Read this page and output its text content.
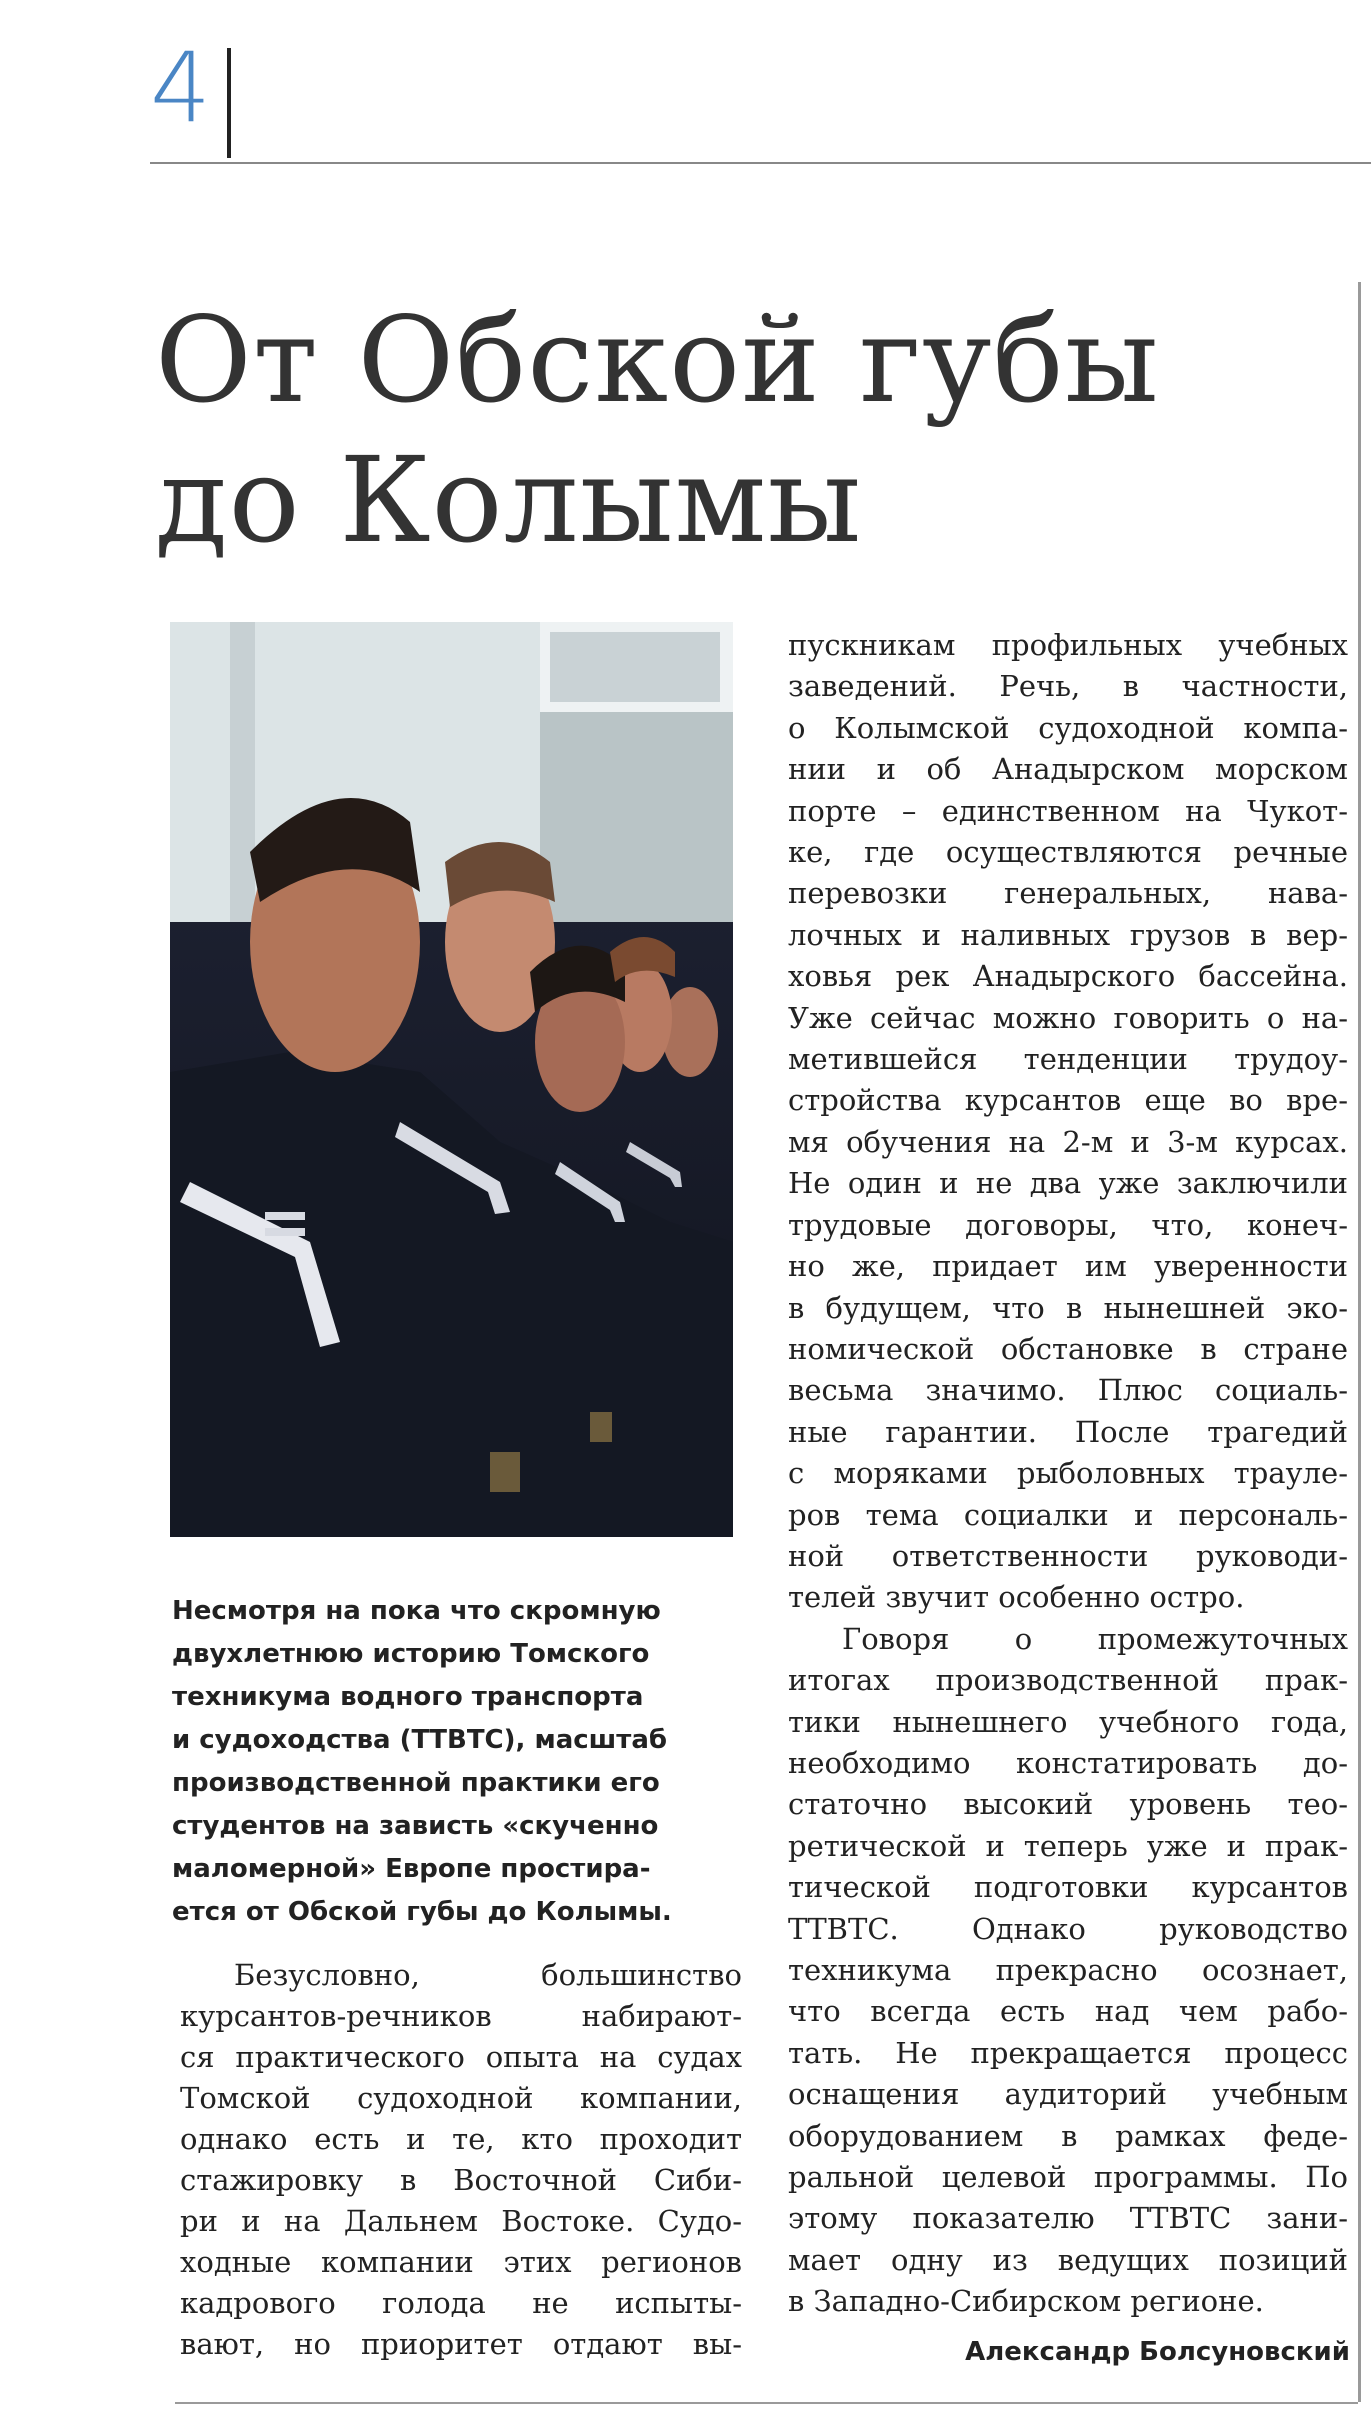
4
От Обской губы
до Колымы
Несмотря на пока что скромную
двухлетнюю историю Томского
техникума водного транспорта
и судоходства (ТТВТС), масштаб
производственной практики его
студентов на зависть «скученно
маломерной» Европе простира-
ется от Обской губы до Колымы.
Безусловно, большинство
курсантов-речников набирают-
ся практического опыта на судах
Томской судоходной компании,
однако есть и те, кто проходит
стажировку в Восточной Сиби-
ри и на Дальнем Востоке. Судо-
ходные компании этих регионов
кадрового голода не испыты-
вают, но приоритет отдают вы-
пускникам профильных учебных
заведений. Речь, в частности,
о Колымской судоходной компа-
нии и об Анадырском морском
порте – единственном на Чукот-
ке, где осуществляются речные
перевозки генеральных, нава-
лочных и наливных грузов в вер-
ховья рек Анадырского бассейна.
Уже сейчас можно говорить о на-
метившейся тенденции трудоу-
стройства курсантов еще во вре-
мя обучения на 2-м и 3-м курсах.
Не один и не два уже заключили
трудовые договоры, что, конеч-
но же, придает им уверенности
в будущем, что в нынешней эко-
номической обстановке в стране
весьма значимо. Плюс социаль-
ные гарантии. После трагедий
с моряками рыболовных трауле-
ров тема социалки и персональ-
ной ответственности руководи-
телей звучит особенно остро.
Говоря о промежуточных
итогах производственной прак-
тики нынешнего учебного года,
необходимо констатировать до-
статочно высокий уровень тео-
ретической и теперь уже и прак-
тической подготовки курсантов
ТТВТС. Однако руководство
техникума прекрасно осознает,
что всегда есть над чем рабо-
тать. Не прекращается процесс
оснащения аудиторий учебным
оборудованием в рамках феде-
ральной целевой программы. По
этому показателю ТТВТС зани-
мает одну из ведущих позиций
в Западно-Сибирском регионе.
Александр Болсуновский
